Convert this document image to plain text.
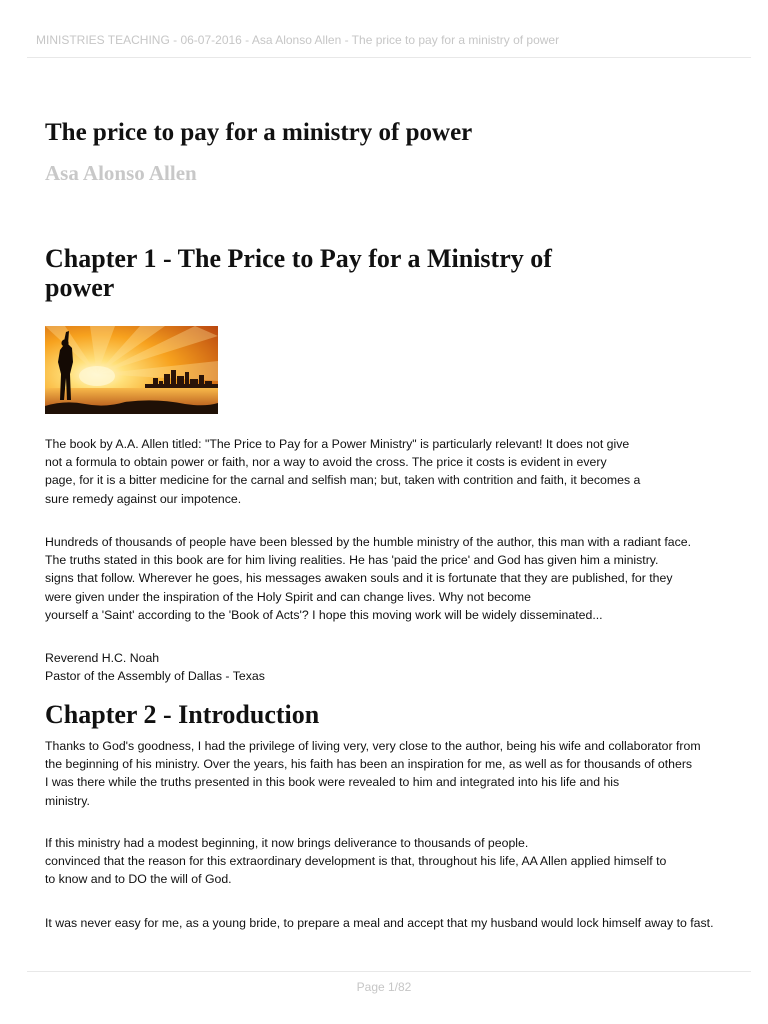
MINISTRIES TEACHING - 06-07-2016 - Asa Alonso Allen - The price to pay for a ministry of power
The price to pay for a ministry of power
Asa Alonso Allen
Chapter 1 - The Price to Pay for a Ministry of
power

The book by A.A. Allen titled: "The Price to Pay for a Power Ministry" is particularly relevant! It does not give
not a formula to obtain power or faith, nor a way to avoid the cross. The price it costs is evident in every
page, for it is a bitter medicine for the carnal and selfish man; but, taken with contrition and faith, it becomes a
sure remedy against our impotence.

Hundreds of thousands of people have been blessed by the humble ministry of the author, this man with a radiant face.
The truths stated in this book are for him living realities. He has 'paid the price' and God has given him a ministry.
signs that follow. Wherever he goes, his messages awaken souls and it is fortunate that they are published, for they
were given under the inspiration of the Holy Spirit and can change lives. Why not become
yourself a 'Saint' according to the 'Book of Acts'? I hope this moving work will be widely disseminated...

Reverend H.C. Noah
Pastor of the Assembly of Dallas - Texas

Chapter 2 - Introduction

Thanks to God's goodness, I had the privilege of living very, very close to the author, being his wife and collaborator from
the beginning of his ministry. Over the years, his faith has been an inspiration for me, as well as for thousands of others
I was there while the truths presented in this book were revealed to him and integrated into his life and his
ministry.

If this ministry had a modest beginning, it now brings deliverance to thousands of people.
convinced that the reason for this extraordinary development is that, throughout his life, AA Allen applied himself to
to know and to DO the will of God.

It was never easy for me, as a young bride, to prepare a meal and accept that my husband would lock himself away to fast.

Page 1/82
